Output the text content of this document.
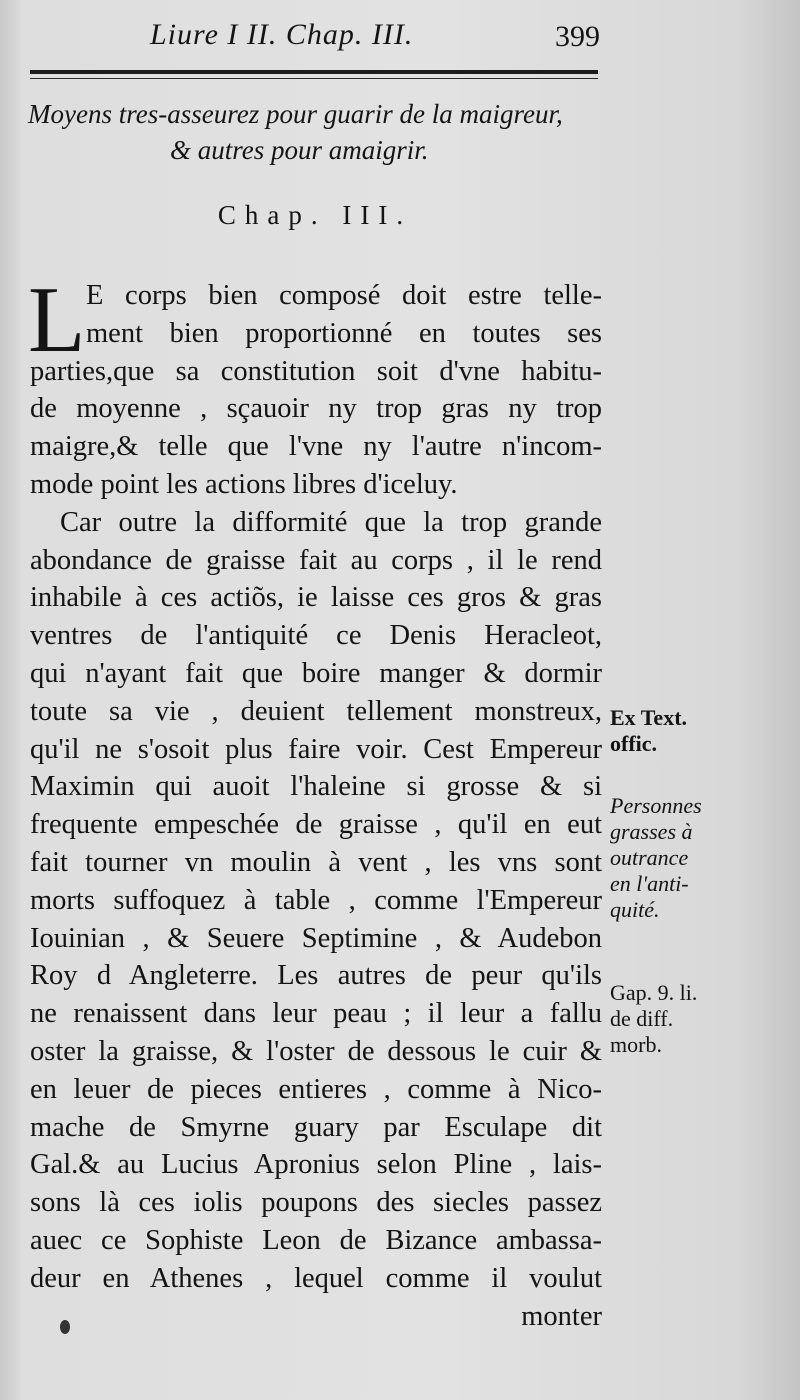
Liure I II. Chap. III.	399
Moyens tres-asseurez pour guarir de la maigreur,
& autres pour amaigrir.
Chap. III.
L E corps bien composé doit estre telle-
ment bien proportionné en toutes ses
parties,que sa constitution soit d'vne habitu-
de moyenne , sçauoir ny trop gras ny trop
maigre,& telle que l'vne ny l'autre n'incom-
mode point les actions libres d'iceluy.
Car outre la difformité que la trop grande
abondance de graisse fait au corps , il le rend
inhabile à ces actiõs, ie laisse ces gros & gras
ventres de l'antiquité ce Denis Heracleot,
qui n'ayant fait que boire manger & dormir
toute sa vie , deuient tellement monstreux,
qu'il ne s'osoit plus faire voir. Cest Empereur
Maximin qui auoit l'haleine si grosse & si
frequente empeschée de graisse , qu'il en eut
fait tourner vn moulin à vent , les vns sont
morts suffoquez à table , comme l'Empereur
Iouinian , & Seuere Septimine , & Audebon
Roy d Angleterre. Les autres de peur qu'ils
ne renaissent dans leur peau ; il leur a fallu
oster la graisse, & l'oster de dessous le cuir &
en leuer de pieces entieres , comme à Nico-
mache de Smyrne guary par Esculape dit
Gal.& au Lucius Apronius selon Pline , lais-
sons là ces iolis poupons des siecles passez
auec ce Sophiste Leon de Bizance ambassa-
deur en Athenes , lequel comme il voulut
monter
Ex Text.
offic.
Personnes
grasses à
outrance
en l'anti-
quité.
Gap. 9. li.
de diff.
morb.
